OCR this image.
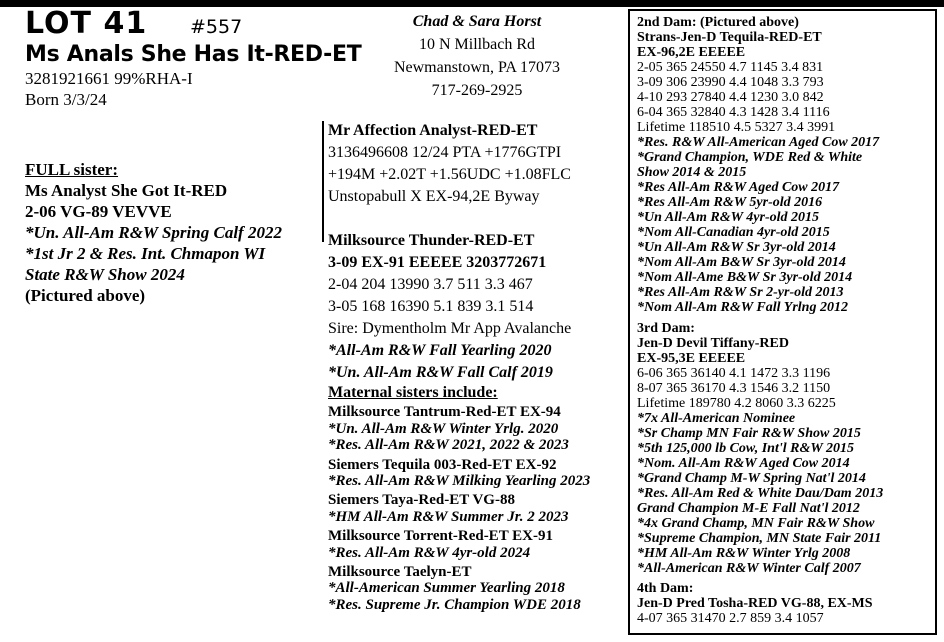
LOT 41 #557
Ms Anals She Has It-RED-ET
3281921661 99%RHA-I
Born 3/3/24
FULL sister:
Ms Analyst She Got It-RED
2-06 VG-89 VEVVE
*Un. All-Am R&W Spring Calf 2022
*1st Jr 2 & Res. Int. Chmapon WI
State R&W Show 2024
(Pictured above)
Chad & Sara Horst
10 N Millbach Rd
Newmanstown, PA 17073
717-269-2925
Mr Affection Analyst-RED-ET
3136496608 12/24 PTA +1776GTPI
+194M +2.02T +1.56UDC +1.08FLC
Unstopabull X EX-94,2E Byway
Milksource Thunder-RED-ET
3-09 EX-91 EEEEE 3203772671
2-04 204 13990 3.7 511 3.3 467
3-05 168 16390 5.1 839 3.1 514
Sire: Dymentholm Mr App Avalanche
*All-Am R&W Fall Yearling 2020
*Un. All-Am R&W Fall Calf 2019
Maternal sisters include:
Milksource Tantrum-Red-ET EX-94
*Un. All-Am R&W Winter Yrlg. 2020
*Res. All-Am R&W 2021, 2022 & 2023
Siemers Tequila 003-Red-ET EX-92
*Res. All-Am R&W Milking Yearling 2023
Siemers Taya-Red-ET VG-88
*HM All-Am R&W Summer Jr. 2 2023
Milksource Torrent-Red-ET EX-91
*Res. All-Am R&W 4yr-old 2024
Milksource Taelyn-ET
*All-American Summer Yearling 2018
*Res. Supreme Jr. Champion WDE 2018
2nd Dam: (Pictured above)
Strans-Jen-D Tequila-RED-ET
EX-96,2E EEEEE
2-05 365 24550 4.7 1145 3.4 831
3-09 306 23990 4.4 1048 3.3 793
4-10 293 27840 4.4 1230 3.0 842
6-04 365 32840 4.3 1428 3.4 1116
Lifetime 118510 4.5 5327 3.4 3991
*Res. R&W All-American Aged Cow 2017
*Grand Champion, WDE Red & White
Show 2014 & 2015
*Res All-Am R&W Aged Cow 2017
*Res All-Am R&W 5yr-old 2016
*Un All-Am R&W 4yr-old 2015
*Nom All-Canadian 4yr-old 2015
*Un All-Am R&W Sr 3yr-old 2014
*Nom All-Am B&W Sr 3yr-old 2014
*Nom All-Ame B&W Sr 3yr-old 2014
*Res All-Am R&W Sr 2-yr-old 2013
*Nom All-Am R&W Fall Yrlng 2012
3rd Dam:
Jen-D Devil Tiffany-RED
EX-95,3E EEEEE
6-06 365 36140 4.1 1472 3.3 1196
8-07 365 36170 4.3 1546 3.2 1150
Lifetime 189780 4.2 8060 3.3 6225
*7x All-American Nominee
*Sr Champ MN Fair R&W Show 2015
*5th 125,000 lb Cow, Int'l R&W 2015
*Nom. All-Am R&W Aged Cow 2014
*Grand Champ M-W Spring Nat'l 2014
*Res. All-Am Red & White Dau/Dam 2013
Grand Champion M-E Fall Nat'l 2012
*4x Grand Champ, MN Fair R&W Show
*Supreme Champion, MN State Fair 2011
*HM All-Am R&W Winter Yrlg 2008
*All-American R&W Winter Calf 2007
4th Dam:
Jen-D Pred Tosha-RED VG-88, EX-MS
4-07 365 31470 2.7 859 3.4 1057
